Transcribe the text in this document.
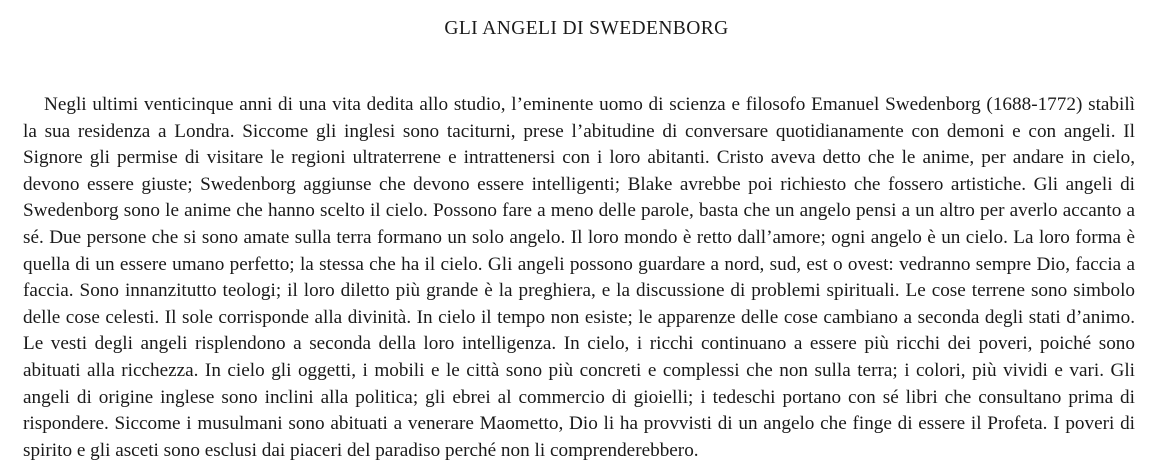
GLI ANGELI DI SWEDENBORG

Negli ultimi venticinque anni di una vita dedita allo studio, l’eminente uomo di scienza e filosofo Emanuel Swedenborg (1688-1772) stabilì la sua residenza a Londra. Siccome gli inglesi sono taciturni, prese l’abitudine di conversare quotidianamente con demoni e con angeli. Il Signore gli permise di visitare le regioni ultraterrene e intrattenersi con i loro abitanti. Cristo aveva detto che le anime, per andare in cielo, devono essere giuste; Swedenborg aggiunse che devono essere intelligenti; Blake avrebbe poi richiesto che fossero artistiche. Gli angeli di Swedenborg sono le anime che hanno scelto il cielo. Possono fare a meno delle parole, basta che un angelo pensi a un altro per averlo accanto a sé. Due persone che si sono amate sulla terra formano un solo angelo. Il loro mondo è retto dall’amore; ogni angelo è un cielo. La loro forma è quella di un essere umano perfetto; la stessa che ha il cielo. Gli angeli possono guardare a nord, sud, est o ovest: vedranno sempre Dio, faccia a faccia. Sono innanzitutto teologi; il loro diletto più grande è la preghiera, e la discussione di problemi spirituali. Le cose terrene sono simbolo delle cose celesti. Il sole corrisponde alla divinità. In cielo il tempo non esiste; le apparenze delle cose cambiano a seconda degli stati d’animo. Le vesti degli angeli risplendono a seconda della loro intelligenza. In cielo, i ricchi continuano a essere più ricchi dei poveri, poiché sono abituati alla ricchezza. In cielo gli oggetti, i mobili e le città sono più concreti e complessi che non sulla terra; i colori, più vividi e vari. Gli angeli di origine inglese sono inclini alla politica; gli ebrei al commercio di gioielli; i tedeschi portano con sé libri che consultano prima di rispondere. Siccome i musulmani sono abituati a venerare Maometto, Dio li ha provvisti di un angelo che finge di essere il Profeta. I poveri di spirito e gli asceti sono esclusi dai piaceri del paradiso perché non li comprenderebbero.
